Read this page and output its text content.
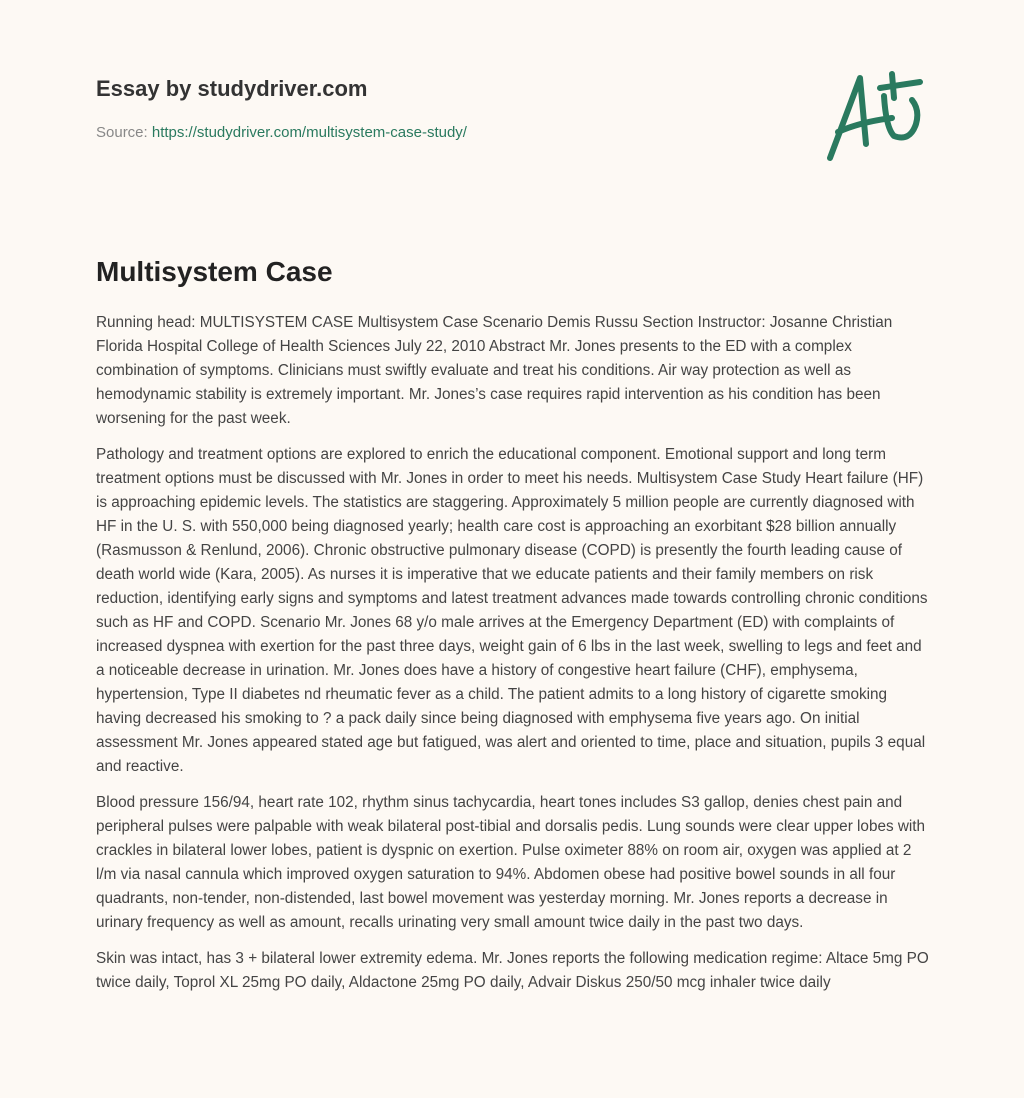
Essay by studydriver.com
Source: https://studydriver.com/multisystem-case-study/
Multisystem Case

Running head: MULTISYSTEM CASE Multisystem Case Scenario Demis Russu Section Instructor: Josanne Christian Florida Hospital College of Health Sciences July 22, 2010 Abstract Mr. Jones presents to the ED with a complex combination of symptoms. Clinicians must swiftly evaluate and treat his conditions. Air way protection as well as hemodynamic stability is extremely important. Mr. Jones’s case requires rapid intervention as his condition has been worsening for the past week.

Pathology and treatment options are explored to enrich the educational component. Emotional support and long term treatment options must be discussed with Mr. Jones in order to meet his needs. Multisystem Case Study Heart failure (HF) is approaching epidemic levels. The statistics are staggering. Approximately 5 million people are currently diagnosed with HF in the U. S. with 550,000 being diagnosed yearly; health care cost is approaching an exorbitant $28 billion annually (Rasmusson & Renlund, 2006). Chronic obstructive pulmonary disease (COPD) is presently the fourth leading cause of death world wide (Kara, 2005). As nurses it is imperative that we educate patients and their family members on risk reduction, identifying early signs and symptoms and latest treatment advances made towards controlling chronic conditions such as HF and COPD. Scenario Mr. Jones 68 y/o male arrives at the Emergency Department (ED) with complaints of increased dyspnea with exertion for the past three days, weight gain of 6 lbs in the last week, swelling to legs and feet and a noticeable decrease in urination. Mr. Jones does have a history of congestive heart failure (CHF), emphysema, hypertension, Type II diabetes nd rheumatic fever as a child. The patient admits to a long history of cigarette smoking having decreased his smoking to ? a pack daily since being diagnosed with emphysema five years ago. On initial assessment Mr. Jones appeared stated age but fatigued, was alert and oriented to time, place and situation, pupils 3 equal and reactive.

Blood pressure 156/94, heart rate 102, rhythm sinus tachycardia, heart tones includes S3 gallop, denies chest pain and peripheral pulses were palpable with weak bilateral post-tibial and dorsalis pedis. Lung sounds were clear upper lobes with crackles in bilateral lower lobes, patient is dyspnic on exertion. Pulse oximeter 88% on room air, oxygen was applied at 2 l/m via nasal cannula which improved oxygen saturation to 94%. Abdomen obese had positive bowel sounds in all four quadrants, non-tender, non-distended, last bowel movement was yesterday morning. Mr. Jones reports a decrease in urinary frequency as well as amount, recalls urinating very small amount twice daily in the past two days.

Skin was intact, has 3 + bilateral lower extremity edema. Mr. Jones reports the following medication regime: Altace 5mg PO twice daily, Toprol XL 25mg PO daily, Aldactone 25mg PO daily, Advair Diskus 250/50 mcg inhaler twice daily
